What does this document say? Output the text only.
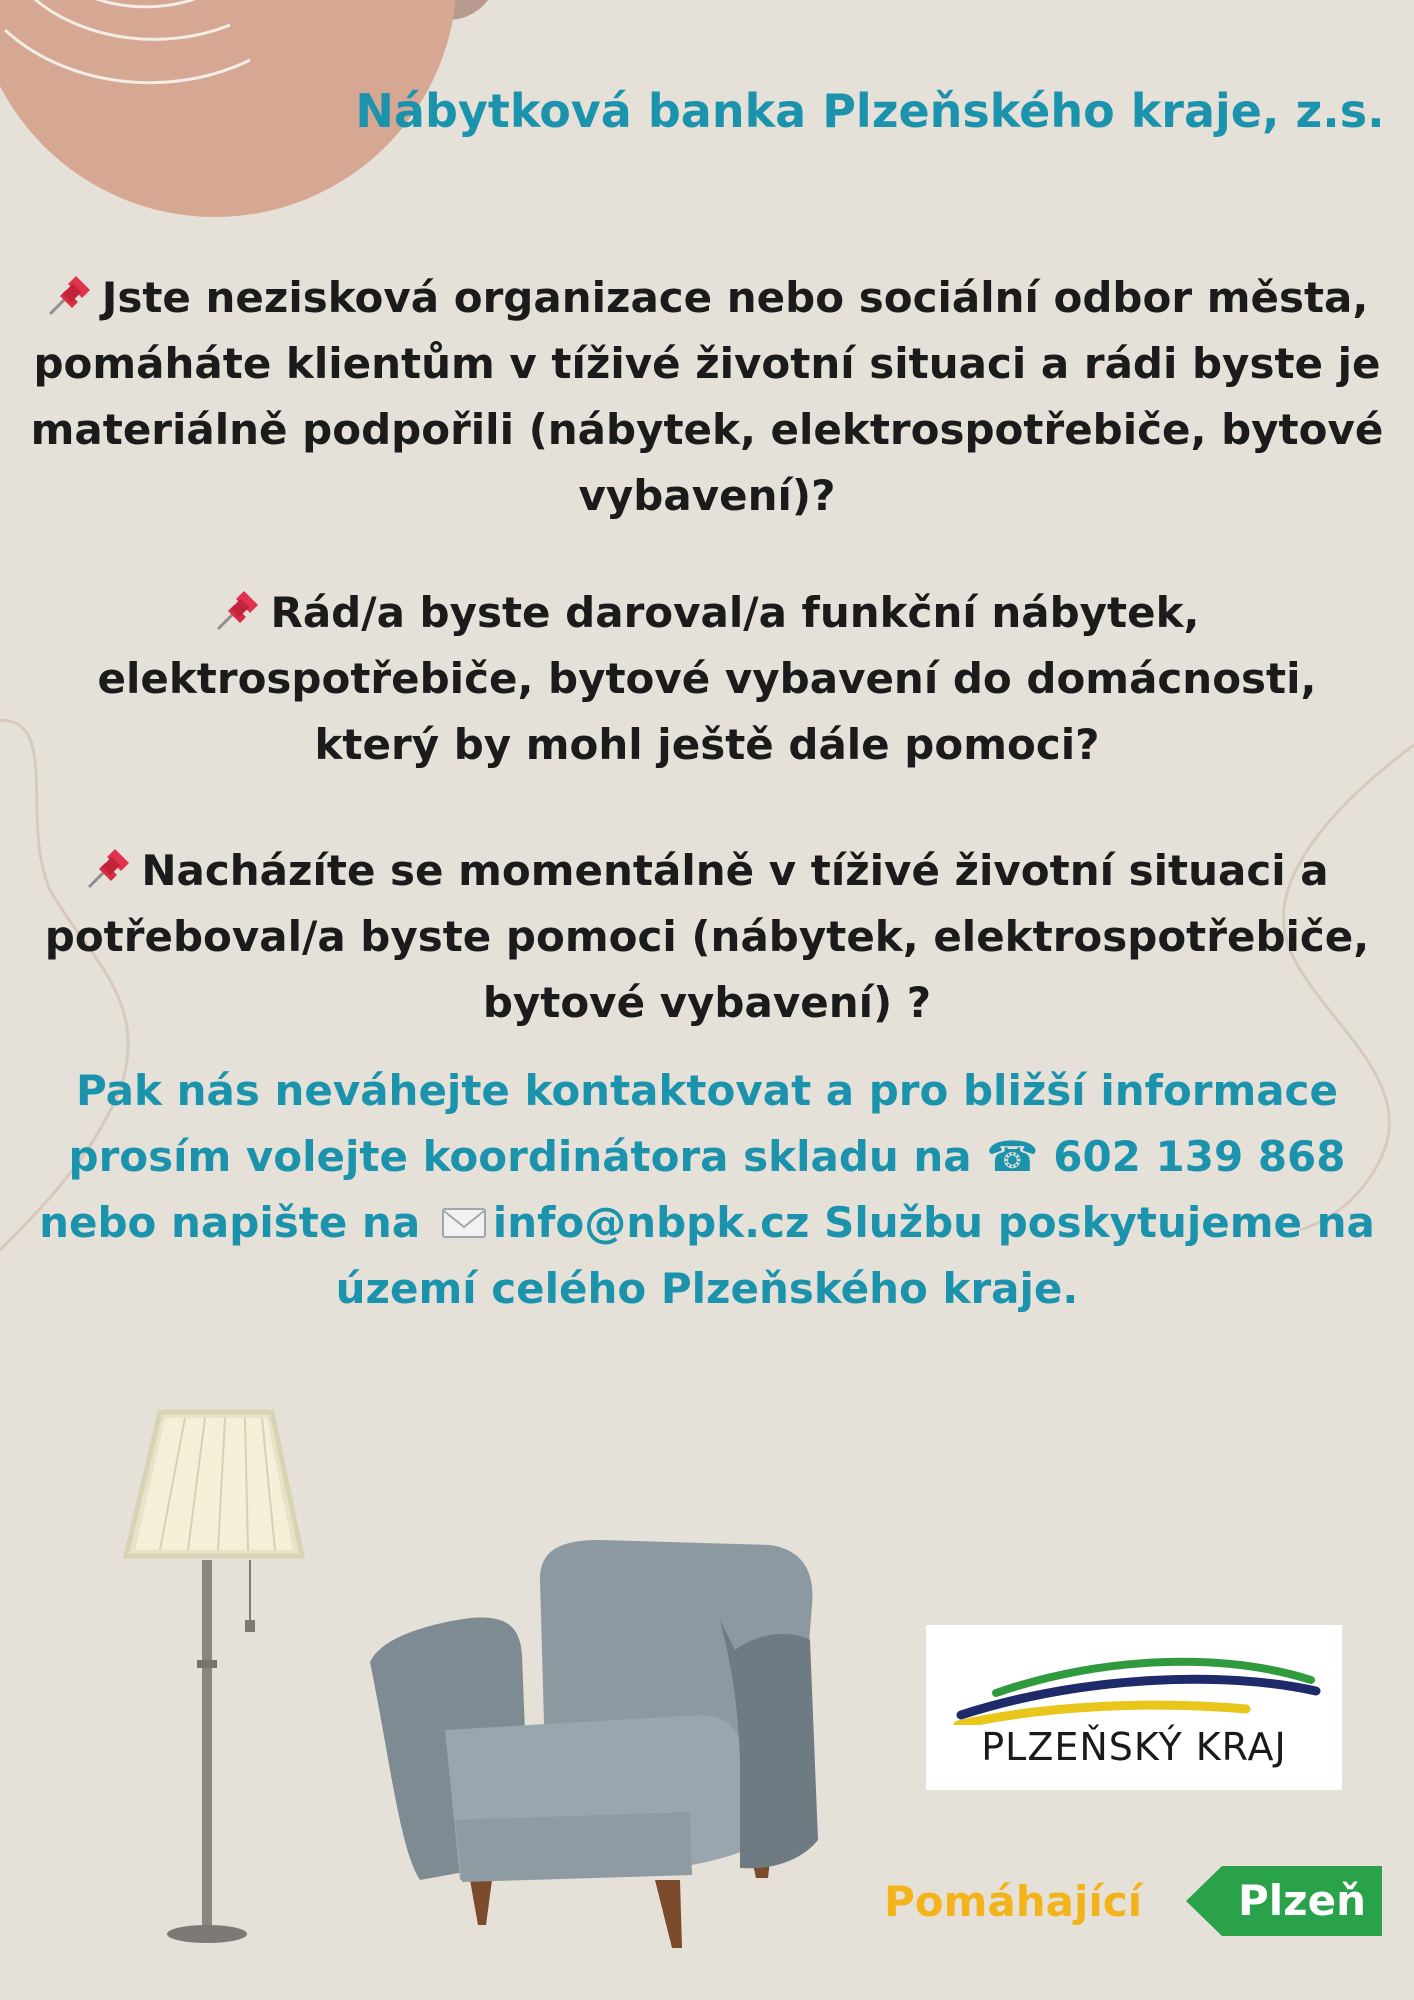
Nábytková banka Plzeňského kraje, z.s.

Jste nezisková organizace nebo sociální odbor města, pomáháte klientům v tíživé životní situaci a rádi byste je materiálně podpořili (nábytek, elektrospotřebiče, bytové vybavení)?

Rád/a byste daroval/a funkční nábytek, elektrospotřebiče, bytové vybavení do domácnosti, který by mohl ještě dále pomoci?

Nacházíte se momentálně v tíživé životní situaci a potřeboval/a byste pomoci (nábytek, elektrospotřebiče, bytové vybavení) ?

Pak nás neváhejte kontaktovat a pro bližší informace prosím volejte koordinátora skladu na ☎ 602 139 868 nebo napište na info@nbpk.cz Službu poskytujeme na území celého Plzeňského kraje.

PLZEŇSKÝ KRAJ
Pomáhající	Plzeň
